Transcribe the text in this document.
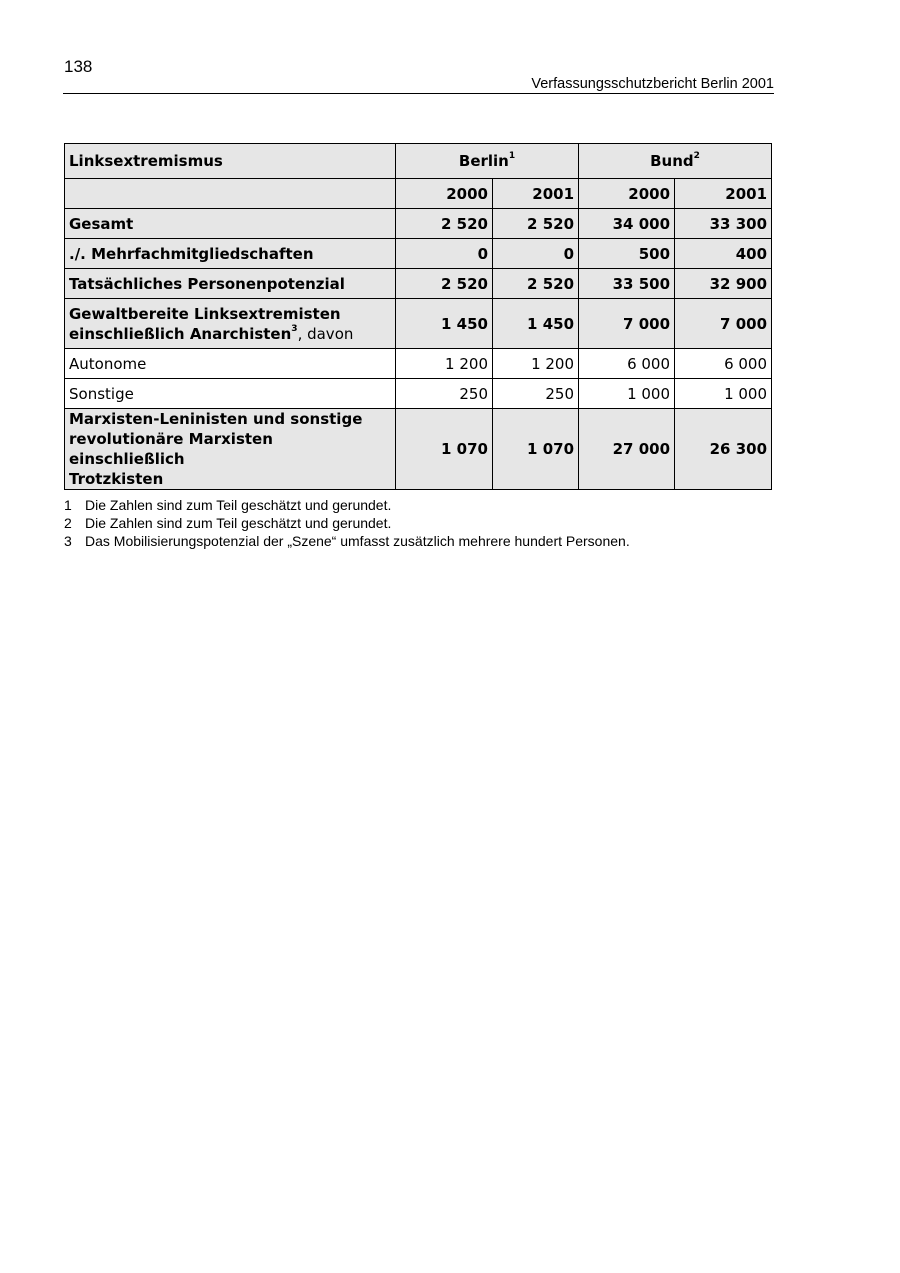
138
Verfassungsschutzbericht Berlin 2001
Linksextremismus	Berlin$^1$		Bund$^2$
	2000	2001	2000	2001
Gesamt	2 520	2 520	34 000	33 300
./. Mehrfachmitgliedschaften	0	0	500	400
Tatsächliches Personenpotenzial	2 520	2 520	33 500	32 900
Gewaltbereite Linksextremisten
einschließlich Anarchisten$^3$, davon	1 450	1 450	7 000	7 000
Autonome	1 200	1 200	6 000	6 000
Sonstige	250	250	1 000	1 000
Marxisten-Leninisten und sonstige
revolutionäre Marxisten einschließlich
Trotzkisten	1 070	1 070	27 000	26 300
1 Die Zahlen sind zum Teil geschätzt und gerundet.
2 Die Zahlen sind zum Teil geschätzt und gerundet.
3 Das Mobilisierungspotenzial der „Szene“ umfasst zusätzlich mehrere hundert Personen.
